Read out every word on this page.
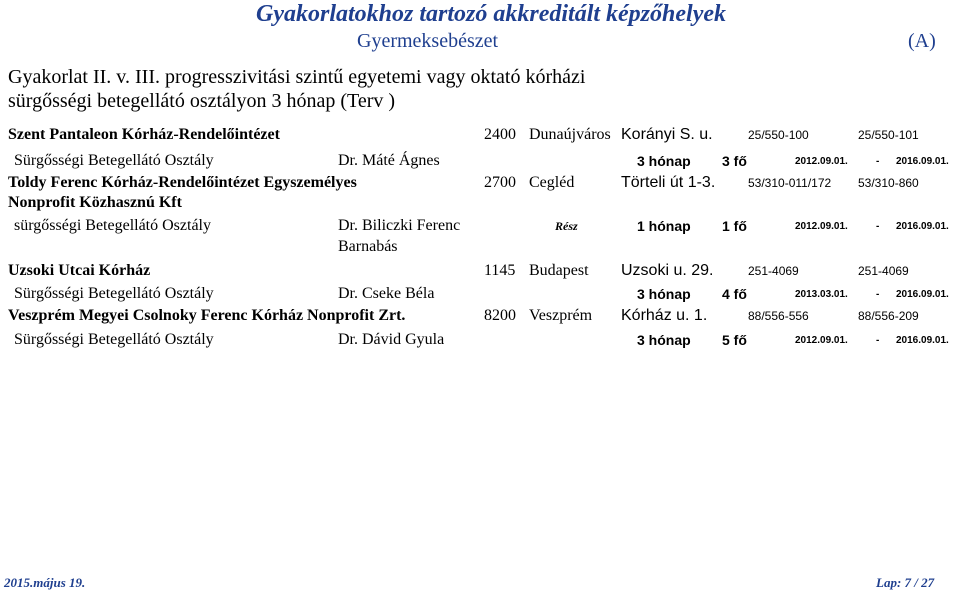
Gyakorlatokhoz tartozó akkreditált képzőhelyek
Gyermeksebészet	(A)
Gyakorlat II. v. III. progresszivitási szintű egyetemi vagy oktató kórházi
sürgősségi betegellátó osztályon 3 hónap (Terv )
Szent Pantaleon Kórház-Rendelőintézet	2400 Dunaújváros Korányi S. u.	25/550-100	25/550-101
Sürgősségi Betegellátó Osztály	Dr. Máté Ágnes	3 hónap 3 fő	2012.09.01.	- 2016.09.01.
Toldy Ferenc Kórház-Rendelőintézet Egyszemélyes
Nonprofit Közhasznú Kft
2700 Cegléd	Törteli út 1-3.	53/310-011/172 53/310-860
sürgősségi Betegellátó Osztály	Dr. Biliczki Ferenc
Barnabás
Rész	1 hónap 1 fő	2012.09.01.	- 2016.09.01.
Uzsoki Utcai Kórház	1145 Budapest Uzsoki u. 29.	251-4069	251-4069
Sürgősségi Betegellátó Osztály	Dr. Cseke Béla	3 hónap 4 fő	2013.03.01.	- 2016.09.01.
Veszprém Megyei Csolnoky Ferenc Kórház Nonprofit Zrt.	8200 Veszprém Kórház u. 1.	88/556-556	88/556-209
Sürgősségi Betegellátó Osztály	Dr. Dávid Gyula	3 hónap 5 fő	2012.09.01.	- 2016.09.01.
2015.május 19.	Lap: 7 / 27
